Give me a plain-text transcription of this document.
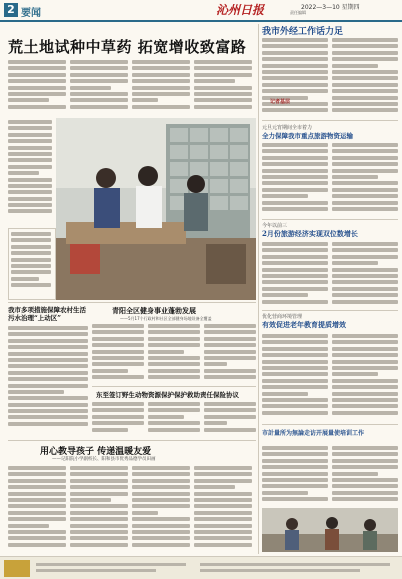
2 要闻	沁州日报	2022—3—10 星期四
责任编辑
荒土地试种中草药 拓宽增收致富路
我市外经工作话力足
记者基层
元旦元宵期间全市着力
全力保障我市重点旅游物资运输
今年以前三
2月份旅游经济实现双位数增长
优化营商环境管理
有效促进老年教育提质增效
市計量所为無論走访开展量使培训工作
我市多项措施保障农村生活污水治理“上动区”
青阳全区健身事业蓬勃发展
——5月17个行政村和社区全部健身场地设备全覆盖
东至签订野生动物资源保护保护救助责任保险协议
用心教导孩子 传递温暖友爱
——记阳院小学副校长、阳和县市优秀品德学员田画
